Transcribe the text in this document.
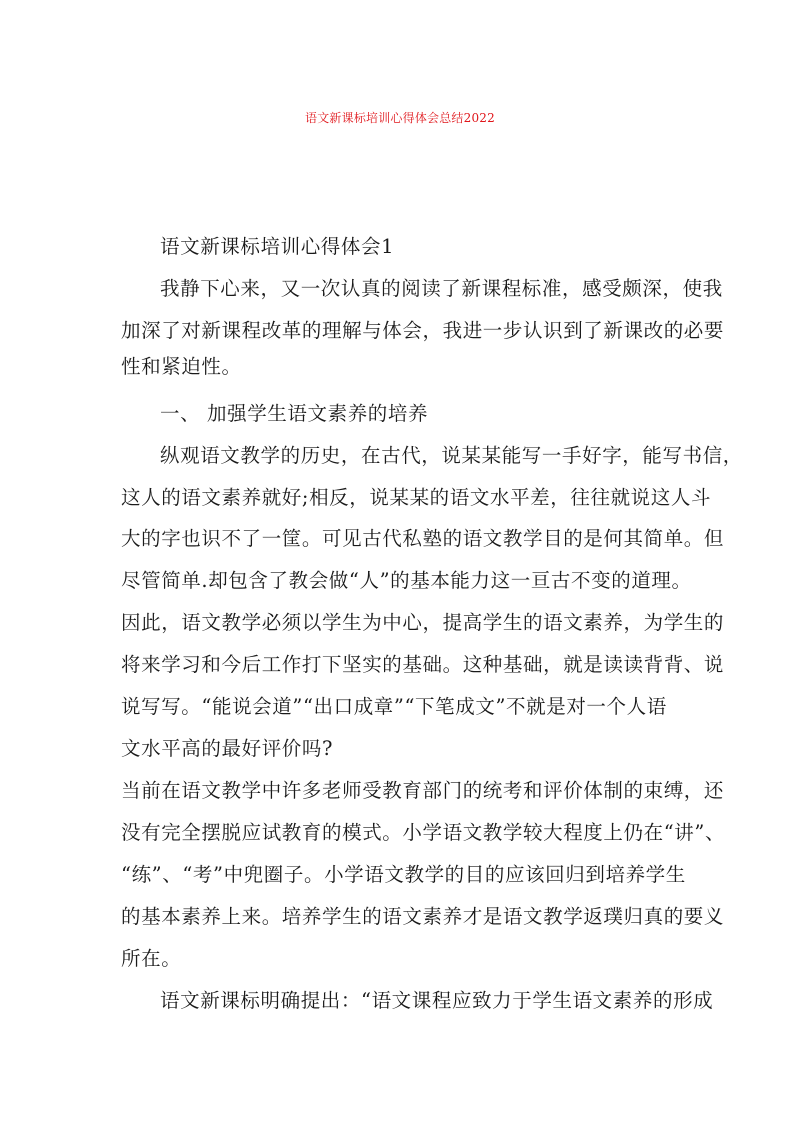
语文新课标培训心得体会总结2022
语文新课标培训心得体会1
我静下心来，又一次认真的阅读了新课程标准，感受颇深，使我
加深了对新课程改革的理解与体会，我进一步认识到了新课改的必要
性和紧迫性。
一、 加强学生语文素养的培养
纵观语文教学的历史，在古代，说某某能写一手好字，能写书信，
这人的语文素养就好;相反，说某某的语文水平差，往往就说这人斗
大的字也识不了一筐。可见古代私塾的语文教学目的是何其简单。但
尽管简单.却包含了教会做“人”的基本能力这一亘古不变的道理。
因此，语文教学必须以学生为中心，提高学生的语文素养，为学生的
将来学习和今后工作打下坚实的基础。这种基础，就是读读背背、说
说写写。“能说会道”“出口成章”“下笔成文”不就是对一个人语
文水平高的最好评价吗?
当前在语文教学中许多老师受教育部门的统考和评价体制的束缚，还
没有完全摆脱应试教育的模式。小学语文教学较大程度上仍在“讲”、
“练”、“考”中兜圈子。小学语文教学的目的应该回归到培养学生
的基本素养上来。培养学生的语文素养才是语文教学返璞归真的要义
所在。
语文新课标明确提出：“语文课程应致力于学生语文素养的形成
